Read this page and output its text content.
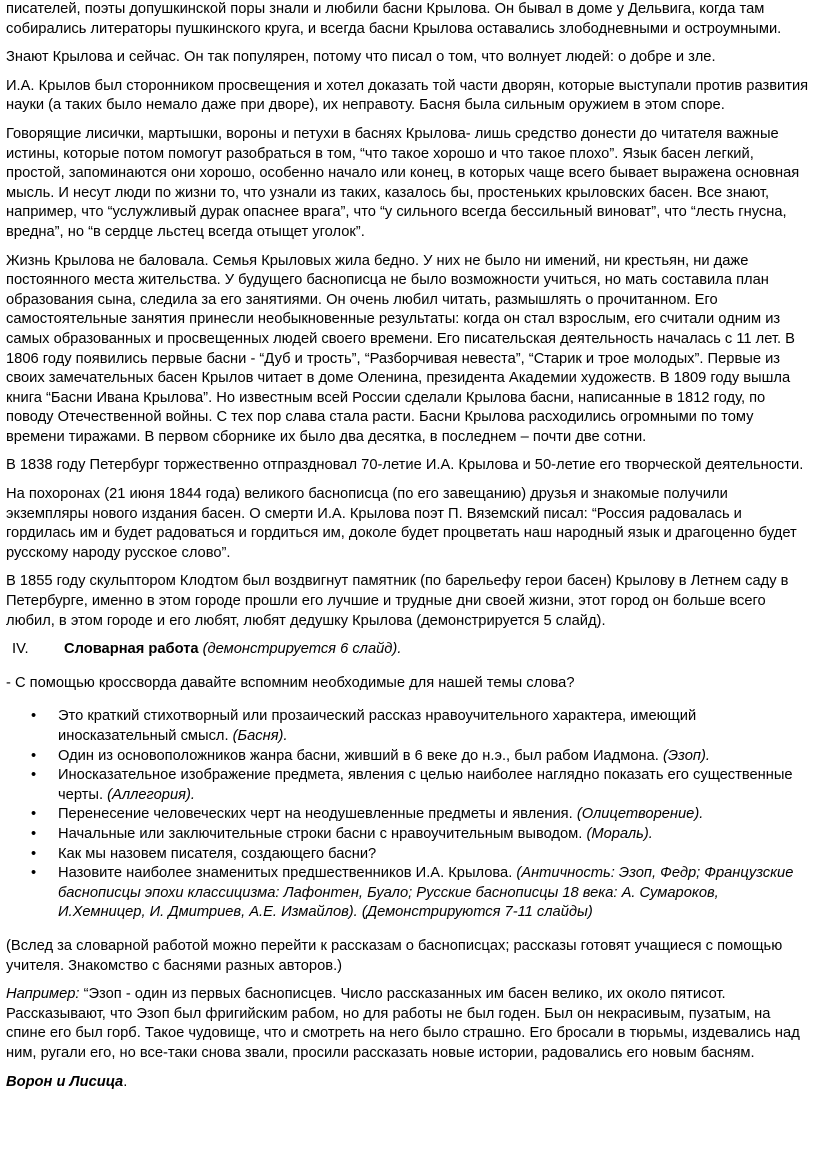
писателей, поэты допушкинской поры знали и любили басни Крылова. Он бывал в доме у Дельвига, когда там собирались литераторы пушкинского круга, и всегда басни Крылова оставались злободневными и остроумными.

Знают Крылова и сейчас. Он так популярен, потому что писал о том, что волнует людей: о добре и зле.

И.А. Крылов был сторонником просвещения и хотел доказать той части дворян, которые выступали против развития науки (а таких было немало даже при дворе), их неправоту. Басня была сильным оружием в этом споре.

Говорящие лисички, мартышки, вороны и петухи в баснях Крылова- лишь средство донести до читателя важные истины, которые потом помогут разобраться в том, “что такое хорошо и что такое плохо”. Язык басен легкий, простой, запоминаются они хорошо, особенно начало или конец, в которых чаще всего бывает выражена основная мысль. И несут люди по жизни то, что узнали из таких, казалось бы, простеньких крыловских басен. Все знают, например, что “услужливый дурак опаснее врага”, что “у сильного всегда бессильный виноват”, что “лесть гнусна, вредна”, но “в сердце льстец всегда отыщет уголок”.

Жизнь Крылова не баловала. Семья Крыловых жила бедно. У них не было ни имений, ни крестьян, ни даже постоянного места жительства. У будущего баснописца не было возможности учиться, но мать составила план образования сына, следила за его занятиями. Он очень любил читать, размышлять о прочитанном. Его самостоятельные занятия принесли необыкновенные результаты: когда он стал взрослым, его считали одним из самых образованных и просвещенных людей своего времени. Его писательская деятельность началась с 11 лет. В 1806 году появились первые басни - “Дуб и трость”, “Разборчивая невеста”, “Старик и трое молодых”. Первые из своих замечательных басен Крылов читает в доме Оленина, президента Академии художеств. В 1809 году вышла книга “Басни Ивана Крылова”. Но известным всей России сделали Крылова басни, написанные в 1812 году, по поводу Отечественной войны. С тех пор слава стала расти. Басни Крылова расходились огромными по тому времени тиражами. В первом сборнике их было два десятка, в последнем – почти две сотни.

В 1838 году Петербург торжественно отпраздновал 70-летие И.А. Крылова и 50-летие его творческой деятельности.

На похоронах (21 июня 1844 года) великого баснописца (по его завещанию) друзья и знакомые получили экземпляры нового издания басен. О смерти И.А. Крылова поэт П. Вяземский писал: “Россия радовалась и гордилась им и будет радоваться и гордиться им, доколе будет процветать наш народный язык и драгоценно будет русскому народу русское слово”.

В 1855 году скульптором Клодтом был воздвигнут памятник (по барельефу герои басен) Крылову в Летнем саду в Петербурге, именно в этом городе прошли его лучшие и трудные дни своей жизни, этот город он больше всего любил, в этом городе и его любят, любят дедушку Крылова (демонстрируется 5 слайд).

IV.	Словарная работа (демонстрируется 6 слайд).

- С помощью кроссворда давайте вспомним необходимые для нашей темы слова?

• Это краткий стихотворный или прозаический рассказ нравоучительного характера, имеющий иносказательный смысл. (Басня).
• Один из основоположников жанра басни, живший в 6 веке до н.э., был рабом Иадмона. (Эзоп).
• Иносказательное изображение предмета, явления с целью наиболее наглядно показать его существенные черты. (Аллегория).
• Перенесение человеческих черт на неодушевленные предметы и явления. (Олицетворение).
• Начальные или заключительные строки басни с нравоучительным выводом. (Мораль).
• Как мы назовем писателя, создающего басни?
• Назовите наиболее знаменитых предшественников И.А. Крылова. (Античность: Эзоп, Федр; Французские баснописцы эпохи классицизма: Лафонтен, Буало; Русские баснописцы 18 века: А. Сумароков, И.Хемницер, И. Дмитриев, А.Е. Измайлов). (Демонстрируются 7-11 слайды)

(Вслед за словарной работой можно перейти к рассказам о баснописцах; рассказы готовят учащиеся с помощью учителя. Знакомство с баснями разных авторов.)

Например: “Эзоп - один из первых баснописцев. Число рассказанных им басен велико, их около пятисот. Рассказывают, что Эзоп был фригийским рабом, но для работы не был годен. Был он некрасивым, пузатым, на спине его был горб. Такое чудовище, что и смотреть на него было страшно. Его бросали в тюрьмы, издевались над ним, ругали его, но все-таки снова звали, просили рассказать новые истории, радовались его новым басням.

Ворон и Лисица.
